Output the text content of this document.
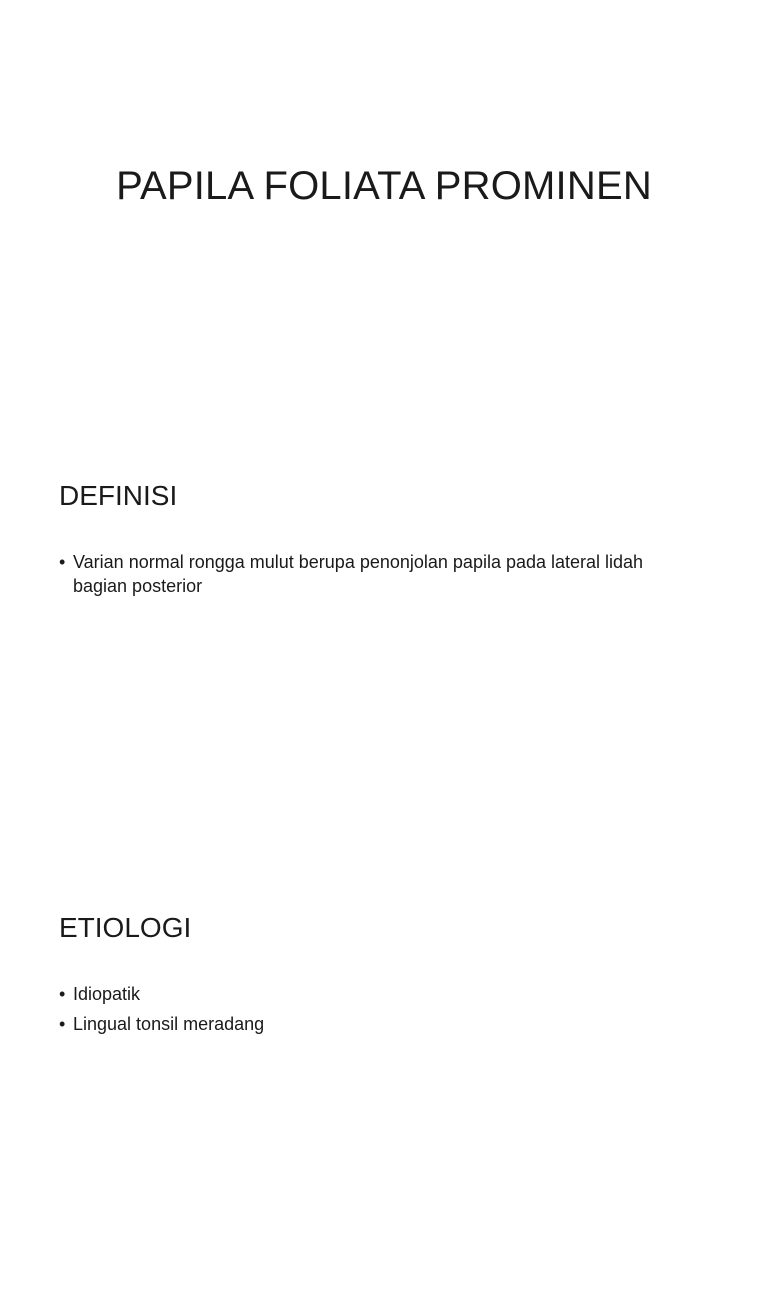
PAPILA FOLIATA PROMINEN
DEFINISI
• Varian normal rongga mulut berupa penonjolan papila pada lateral lidah bagian posterior
ETIOLOGI
• Idiopatik
• Lingual tonsil meradang
